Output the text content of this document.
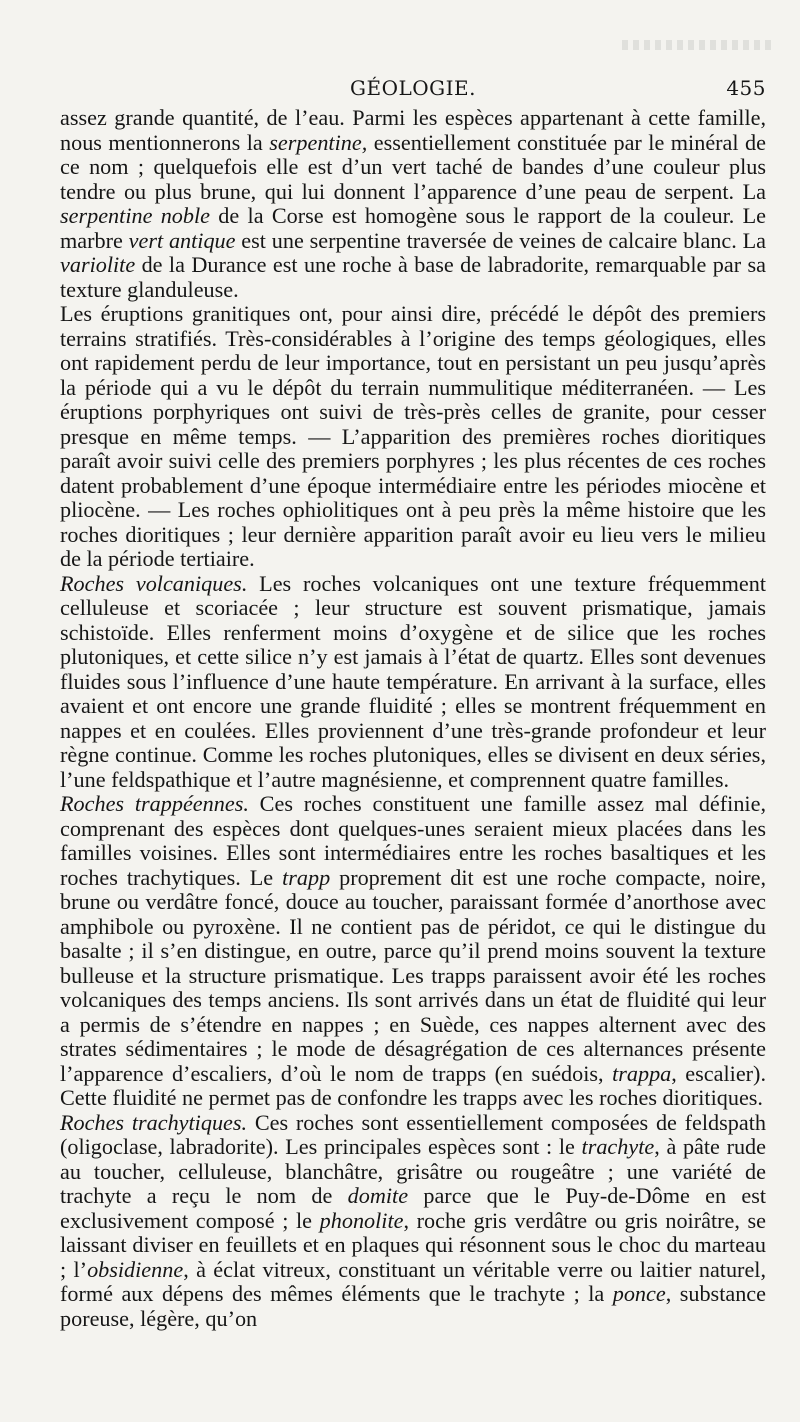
GÉOLOGIE.	455

assez grande quantité, de l’eau. Parmi les espèces appartenant à cette famille, nous mentionnerons la serpentine, essentiellement constituée par le minéral de ce nom ; quelquefois elle est d’un vert taché de bandes d’une couleur plus tendre ou plus brune, qui lui donnent l’apparence d’une peau de serpent. La serpentine noble de la Corse est homogène sous le rapport de la couleur. Le marbre vert antique est une serpentine traversée de veines de calcaire blanc. La variolite de la Durance est une roche à base de labradorite, remarquable par sa texture glanduleuse.

Les éruptions granitiques ont, pour ainsi dire, précédé le dépôt des premiers terrains stratifiés. Très-considérables à l’origine des temps géologiques, elles ont rapidement perdu de leur importance, tout en persistant un peu jusqu’après la période qui a vu le dépôt du terrain nummulitique méditerranéen. — Les éruptions porphyriques ont suivi de très-près celles de granite, pour cesser presque en même temps. — L’apparition des premières roches dioritiques paraît avoir suivi celle des premiers porphyres ; les plus récentes de ces roches datent probablement d’une époque intermédiaire entre les périodes miocène et pliocène. — Les roches ophiolitiques ont à peu près la même histoire que les roches dioritiques ; leur dernière apparition paraît avoir eu lieu vers le milieu de la période tertiaire.

Roches volcaniques. Les roches volcaniques ont une texture fréquemment celluleuse et scoriacée ; leur structure est souvent prismatique, jamais schistoïde. Elles renferment moins d’oxygène et de silice que les roches plutoniques, et cette silice n’y est jamais à l’état de quartz. Elles sont devenues fluides sous l’influence d’une haute température. En arrivant à la surface, elles avaient et ont encore une grande fluidité ; elles se montrent fréquemment en nappes et en coulées. Elles proviennent d’une très-grande profondeur et leur règne continue. Comme les roches plutoniques, elles se divisent en deux séries, l’une feldspathique et l’autre magnésienne, et comprennent quatre familles.

Roches trappéennes. Ces roches constituent une famille assez mal définie, comprenant des espèces dont quelques-unes seraient mieux placées dans les familles voisines. Elles sont intermédiaires entre les roches basaltiques et les roches trachytiques. Le trapp proprement dit est une roche compacte, noire, brune ou verdâtre foncé, douce au toucher, paraissant formée d’anorthose avec amphibole ou pyroxène. Il ne contient pas de péridot, ce qui le distingue du basalte ; il s’en distingue, en outre, parce qu’il prend moins souvent la texture bulleuse et la structure prismatique. Les trapps paraissent avoir été les roches volcaniques des temps anciens. Ils sont arrivés dans un état de fluidité qui leur a permis de s’étendre en nappes ; en Suède, ces nappes alternent avec des strates sédimentaires ; le mode de désagrégation de ces alternances présente l’apparence d’escaliers, d’où le nom de trapps (en suédois, trappa, escalier). Cette fluidité ne permet pas de confondre les trapps avec les roches dioritiques.

Roches trachytiques. Ces roches sont essentiellement composées de feldspath (oligoclase, labradorite). Les principales espèces sont : le trachyte, à pâte rude au toucher, celluleuse, blanchâtre, grisâtre ou rougeâtre ; une variété de trachyte a reçu le nom de domite parce que le Puy-de-Dôme en est exclusivement composé ; le phonolite, roche gris verdâtre ou gris noirâtre, se laissant diviser en feuillets et en plaques qui résonnent sous le choc du marteau ; l’obsidienne, à éclat vitreux, constituant un véritable verre ou laitier naturel, formé aux dépens des mêmes éléments que le trachyte ; la ponce, substance poreuse, légère, qu’on
